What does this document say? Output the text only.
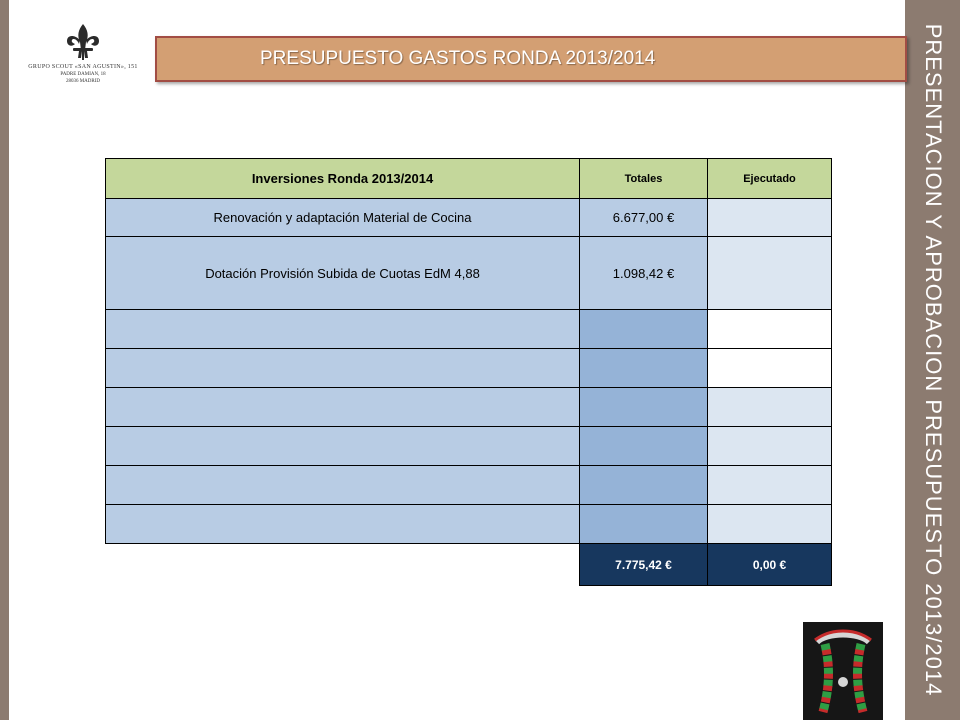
PRESENTACION Y APROBACION PRESUPUESTO 2013/2014
GRUPO SCOUT «SAN AGUSTIN», 151
PADRE DAMIAN, 18
28036 MADRID
PRESUPUESTO GASTOS RONDA 2013/2014
Inversiones Ronda 2013/2014	Totales	Ejecutado
Renovación y adaptación Material de Cocina	6.677,00 €	
Dotación Provisión Subida de Cuotas EdM 4,88	1.098,42 €	

	7.775,42 €	0,00 €
